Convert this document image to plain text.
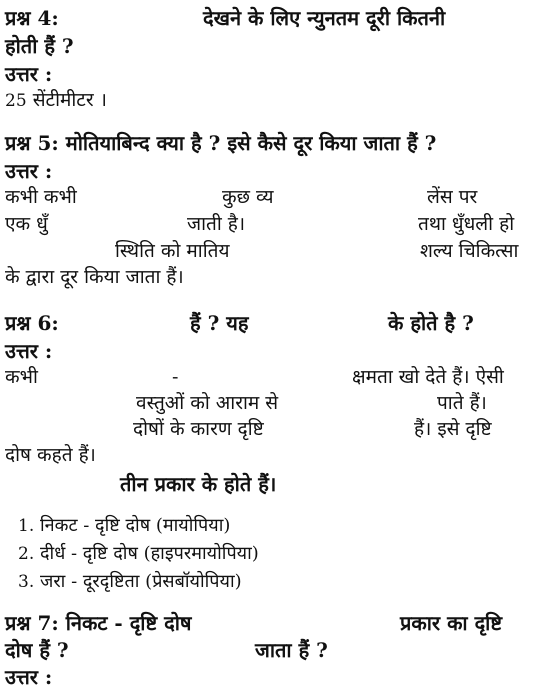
प्रश्न 4:	देखने के लिए न्युनतम दूरी कितनी
होती हैं ?
उत्तर :
25 सेंटीमीटर ।
प्रश्न 5: मोतियाबिन्द क्या है ? इसे कैसे दूर किया जाता हैं ?
उत्तर :
कभी कभी	कुछ व्य	लेंस पर
एक धुँ	जाती है।	तथा धुँधली हो
स्थिति को मातिय	शल्य चिकित्सा
के द्वारा दूर किया जाता हैं।
प्रश्न 6:	हैं ? यह	के होते है ?
उत्तर :
कभी	-	क्षमता खो देते हैं। ऐसी
वस्तुओं को आराम से	पाते हैं।
दोषों के कारण दृष्टि	हैं। इसे दृष्टि
दोष कहते हैं।
तीन प्रकार के होते हैं।
1. निकट - दृष्टि दोष (मायोपिया)
2. दीर्ध - दृष्टि दोष (हाइपरमायोपिया)
3. जरा - दूरदृष्टिता (प्रेसबॉयोपिया)
प्रश्न 7: निकट - दृष्टि दोष	प्रकार का दृष्टि
दोष हैं ?	जाता हैं ?
उत्तर :
